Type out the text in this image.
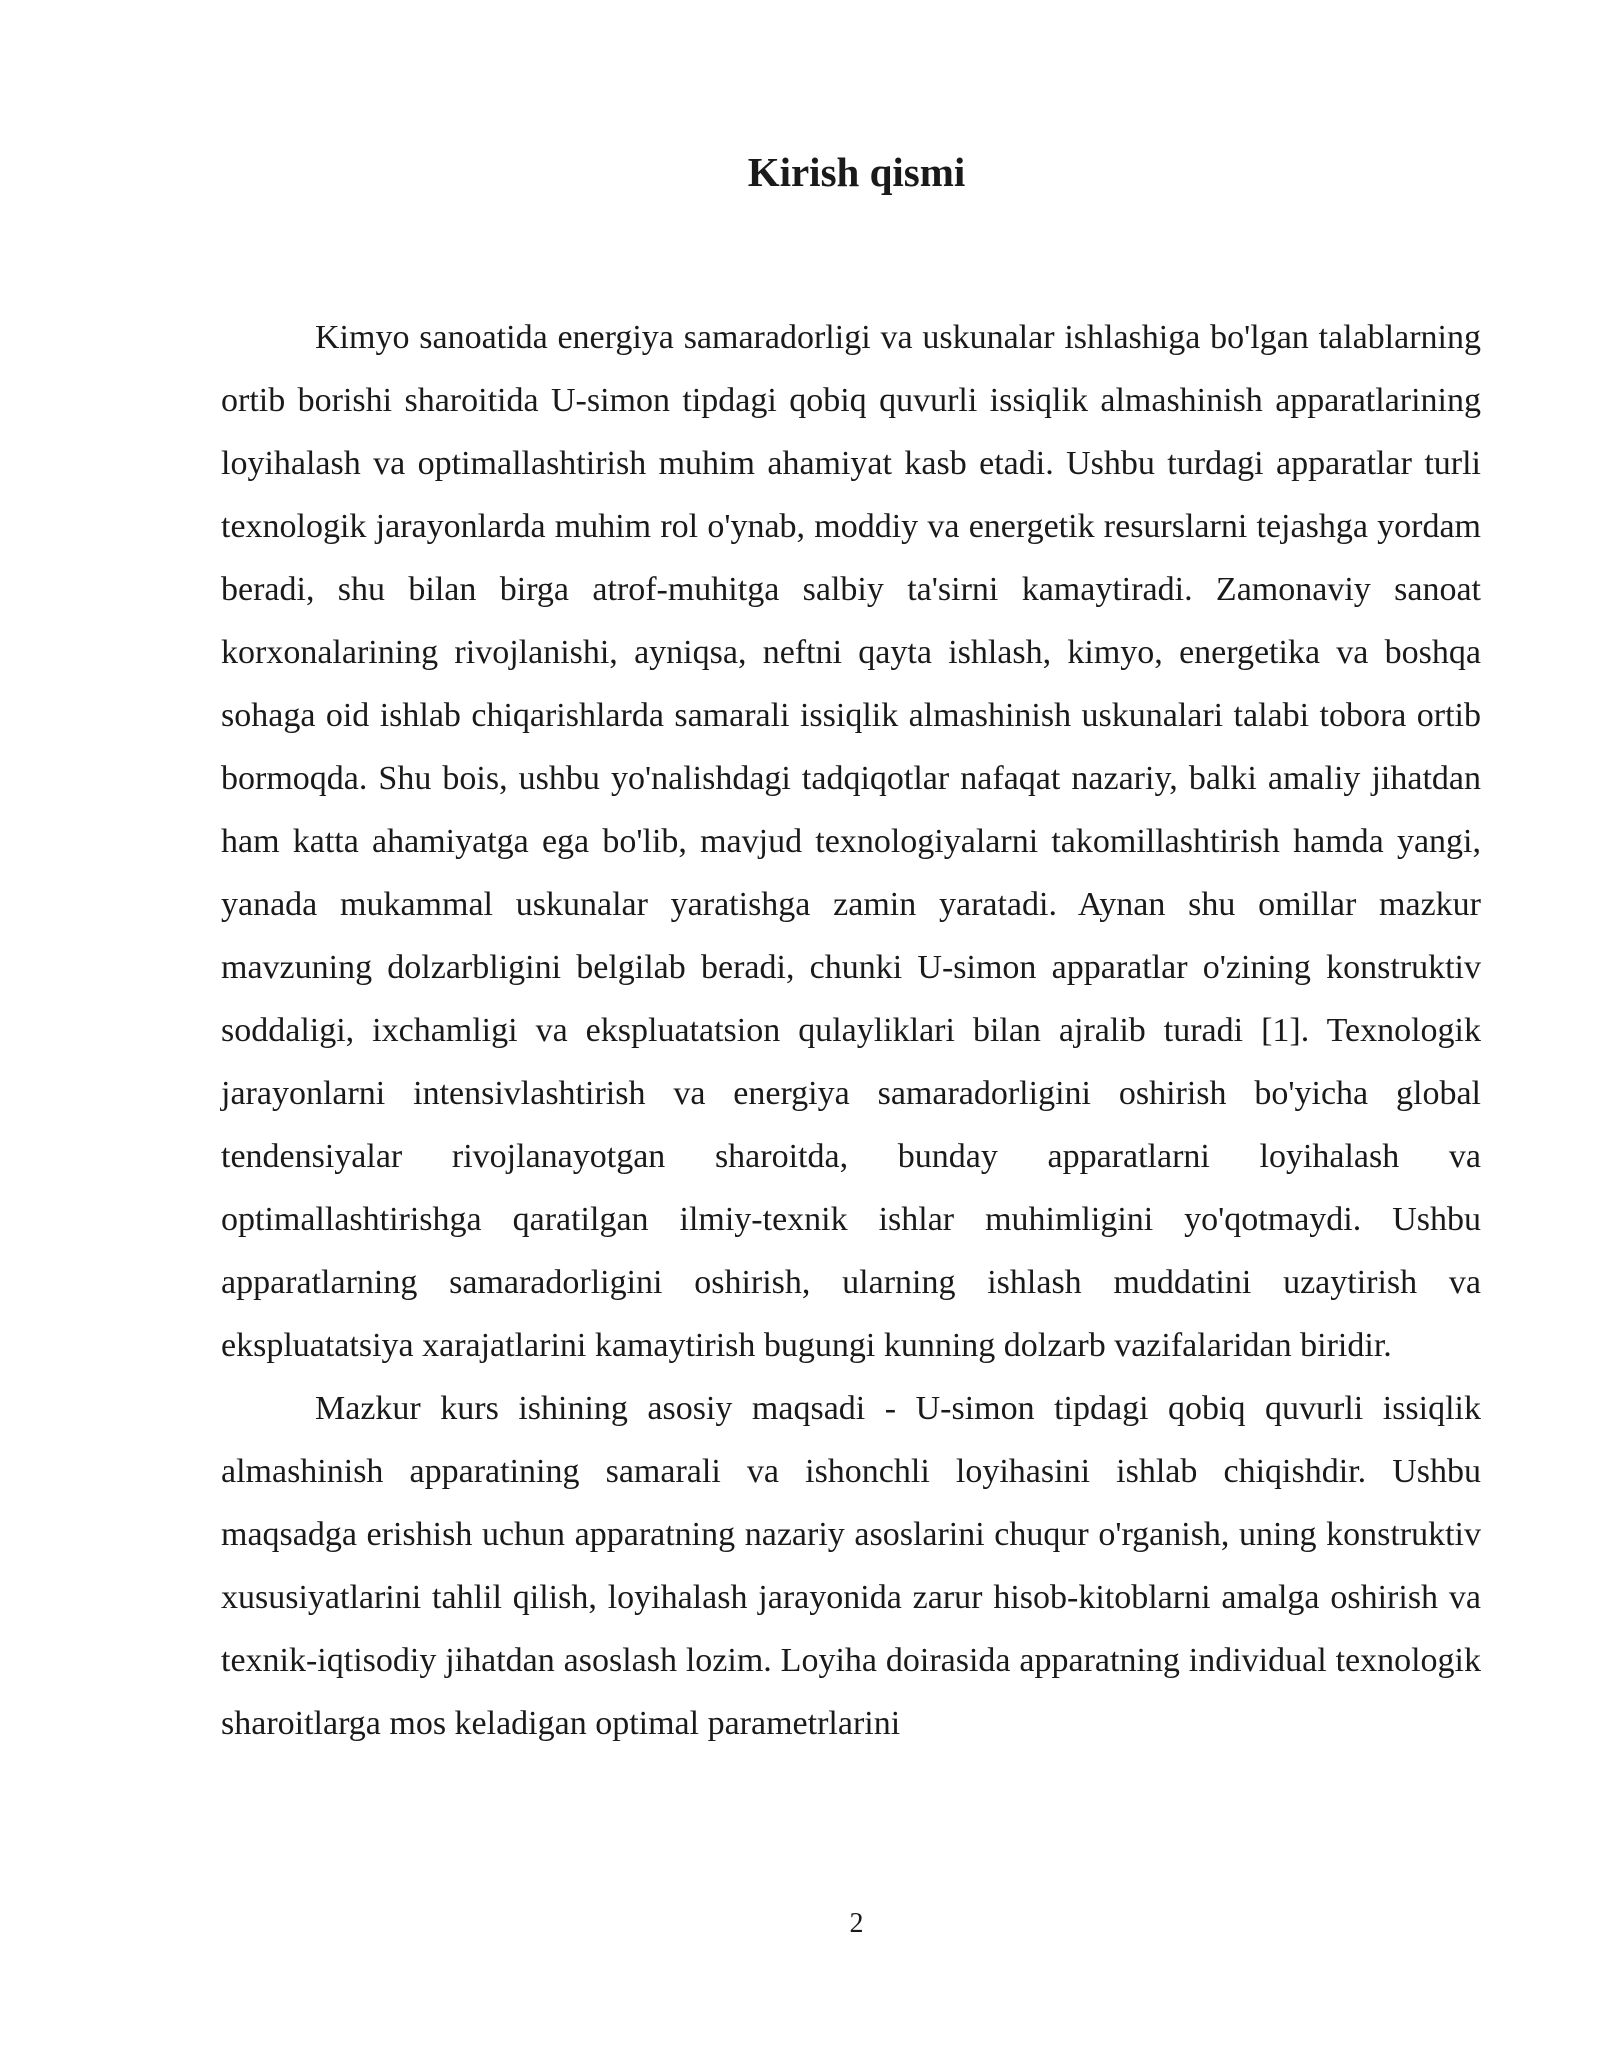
Kirish qismi

Kimyo sanoatida energiya samaradorligi va uskunalar ishlashiga bo'lgan talablarning ortib borishi sharoitida U-simon tipdagi qobiq quvurli issiqlik almashinish apparatlarining loyihalash va optimallashtirish muhim ahamiyat kasb etadi. Ushbu turdagi apparatlar turli texnologik jarayonlarda muhim rol o'ynab, moddiy va energetik resurslarni tejashga yordam beradi, shu bilan birga atrof-muhitga salbiy ta'sirni kamaytiradi. Zamonaviy sanoat korxonalarining rivojlanishi, ayniqsa, neftni qayta ishlash, kimyo, energetika va boshqa sohaga oid ishlab chiqarishlarda samarali issiqlik almashinish uskunalari talabi tobora ortib bormoqda. Shu bois, ushbu yo'nalishdagi tadqiqotlar nafaqat nazariy, balki amaliy jihatdan ham katta ahamiyatga ega bo'lib, mavjud texnologiyalarni takomillashtirish hamda yangi, yanada mukammal uskunalar yaratishga zamin yaratadi. Aynan shu omillar mazkur mavzuning dolzarbligini belgilab beradi, chunki U-simon apparatlar o'zining konstruktiv soddaligi, ixchamligi va ekspluatatsion qulayliklari bilan ajralib turadi [1]. Texnologik jarayonlarni intensivlashtirish va energiya samaradorligini oshirish bo'yicha global tendensiyalar rivojlanayotgan sharoitda, bunday apparatlarni loyihalash va optimallashtirishga qaratilgan ilmiy-texnik ishlar muhimligini yo'qotmaydi. Ushbu apparatlarning samaradorligini oshirish, ularning ishlash muddatini uzaytirish va ekspluatatsiya xarajatlarini kamaytirish bugungi kunning dolzarb vazifalaridan biridir.

Mazkur kurs ishining asosiy maqsadi - U-simon tipdagi qobiq quvurli issiqlik almashinish apparatining samarali va ishonchli loyihasini ishlab chiqishdir. Ushbu maqsadga erishish uchun apparatning nazariy asoslarini chuqur o'rganish, uning konstruktiv xususiyatlarini tahlil qilish, loyihalash jarayonida zarur hisob-kitoblarni amalga oshirish va texnik-iqtisodiy jihatdan asoslash lozim. Loyiha doirasida apparatning individual texnologik sharoitlarga mos keladigan optimal parametrlarini

2
